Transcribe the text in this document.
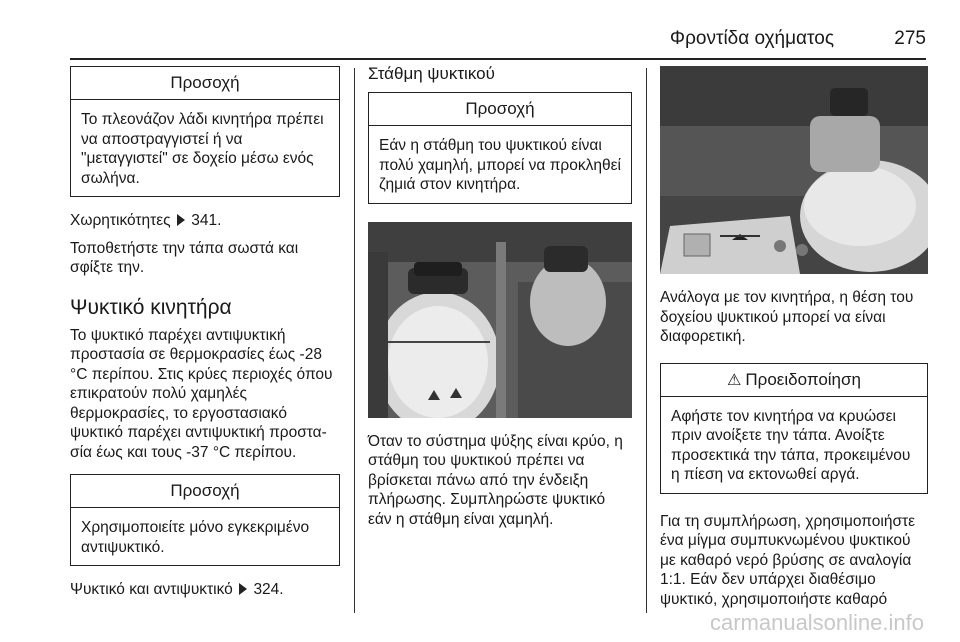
Φροντίδα οχήματος	275
Προσοχή
Το πλεονάζον λάδι κινητήρα πρέπει να αποστραγγιστεί ή να "μεταγγιστεί" σε δοχείο μέσω ενός σωλήνα.

Χωρητικότητες 341.

Τοποθετήστε την τάπα σωστά και σφίξτε την.

Ψυκτικό κινητήρα

Το ψυκτικό παρέχει αντιψυκτική προστασία σε θερμοκρασίες έως -28 °C περίπου. Στις κρύες περιοχές όπου επικρατούν πολύ χαμηλές θερμοκρασίες, το εργοστασιακό ψυκτικό παρέχει αντιψυκτική προστασία έως και τους -37 °C περίπου.

Προσοχή
Χρησιμοποιείτε μόνο εγκεκριμένο αντιψυκτικό.

Ψυκτικό και αντιψυκτικό 324.

Στάθμη ψυκτικού
Προσοχή
Εάν η στάθμη του ψυκτικού είναι πολύ χαμηλή, μπορεί να προκληθεί ζημιά στον κινητήρα.

Όταν το σύστημα ψύξης είναι κρύο, η στάθμη του ψυκτικού πρέπει να βρίσκεται πάνω από την ένδειξη πλήρωσης. Συμπληρώστε ψυκτικό εάν η στάθμη είναι χαμηλή.

Ανάλογα με τον κινητήρα, η θέση του δοχείου ψυκτικού μπορεί να είναι διαφορετική.

⚠ Προειδοποίηση
Αφήστε τον κινητήρα να κρυώσει πριν ανοίξετε την τάπα. Ανοίξτε προσεκτικά την τάπα, προκειμένου η πίεση να εκτονωθεί αργά.

Για τη συμπλήρωση, χρησιμοποιήστε ένα μίγμα συμπυκνωμένου ψυκτικού με καθαρό νερό βρύσης σε αναλογία 1:1. Εάν δεν υπάρχει διαθέσιμο ψυκτικό, χρησιμοποιήστε καθαρό

carmanualsonline.info
